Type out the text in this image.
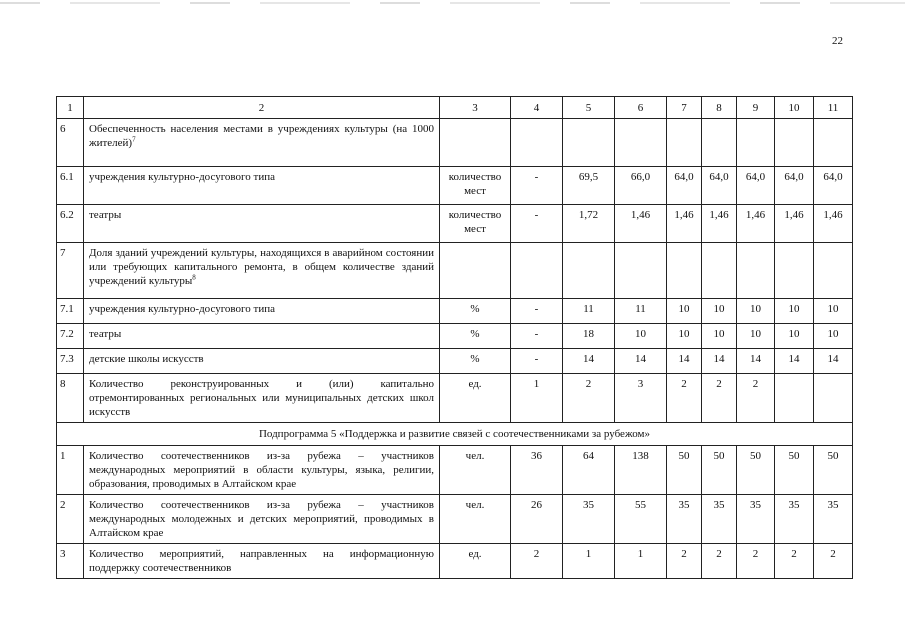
22
1	2	3	4	5	6	7	8	9	10	11
6	Обеспеченность населения местами в учреждениях культуры (на 1000 жителей)$^7$									
6.1	учреждения культурно-досугового типа	количество мест	-	69,5	66,0	64,0	64,0	64,0	64,0	64,0
6.2	театры	количество мест	-	1,72	1,46	1,46	1,46	1,46	1,46	1,46
7	Доля зданий учреждений культуры, находящихся в аварийном состоянии или требующих капитального ремонта, в общем количестве зданий учреждений культуры$^8$									
7.1	учреждения культурно-досугового типа	%	-	11	11	10	10	10	10	10
7.2	театры	%	-	18	10	10	10	10	10	10
7.3	детские школы искусств	%	-	14	14	14	14	14	14	14
8	Количество реконструированных и (или) капитально отремонтированных региональных или муниципальных детских школ искусств	ед.	1	2	3	2	2	2		
Подпрограмма 5 «Поддержка и развитие связей с соотечественниками за рубежом»										
1	Количество соотечественников из-за рубежа – участников международных мероприятий в области культуры, языка, религии, образования, проводимых в Алтайском крае	чел.	36	64	138	50	50	50	50	50
2	Количество соотечественников из-за рубежа – участников международных молодежных и детских мероприятий, проводимых в Алтайском крае	чел.	26	35	55	35	35	35	35	35
3	Количество мероприятий, направленных на информационную поддержку соотечественников	ед.	2	1	1	2	2	2	2	2
